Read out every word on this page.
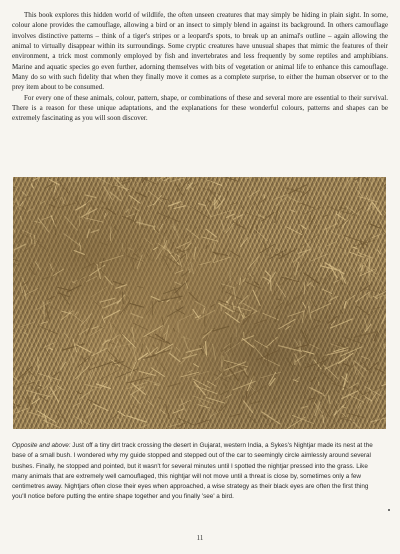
This book explores this hidden world of wildlife, the often unseen creatures that may simply be hiding in plain sight. In some, colour alone provides the camouflage, allowing a bird or an insect to simply blend in against its background. In others camouflage involves distinctive patterns – think of a tiger's stripes or a leopard's spots, to break up an animal's outline – again allowing the animal to virtually disappear within its surroundings. Some cryptic creatures have unusual shapes that mimic the features of their environment, a trick most commonly employed by fish and invertebrates and less frequently by some reptiles and amphibians. Marine and aquatic species go even further, adorning themselves with bits of vegetation or animal life to enhance this camouflage. Many do so with such fidelity that when they finally move it comes as a complete surprise, to either the human observer or to the prey item about to be consumed.

For every one of these animals, colour, pattern, shape, or combinations of these and several more are essential to their survival. There is a reason for these unique adaptations, and the explanations for these wonderful colours, patterns and shapes can be extremely fascinating as you will soon discover.

Opposite and above: Just off a tiny dirt track crossing the desert in Gujarat, western India, a Sykes's Nightjar made its nest at the base of a small bush. I wondered why my guide stopped and stepped out of the car to seemingly circle aimlessly around several bushes. Finally, he stopped and pointed, but it wasn't for several minutes until I spotted the nightjar pressed into the grass. Like many animals that are extremely well camouflaged, this nightjar will not move until a threat is close by, sometimes only a few centimetres away. Nightjars often close their eyes when approached, a wise strategy as their black eyes are often the first thing you'll notice before putting the entire shape together and you finally 'see' a bird.
11
